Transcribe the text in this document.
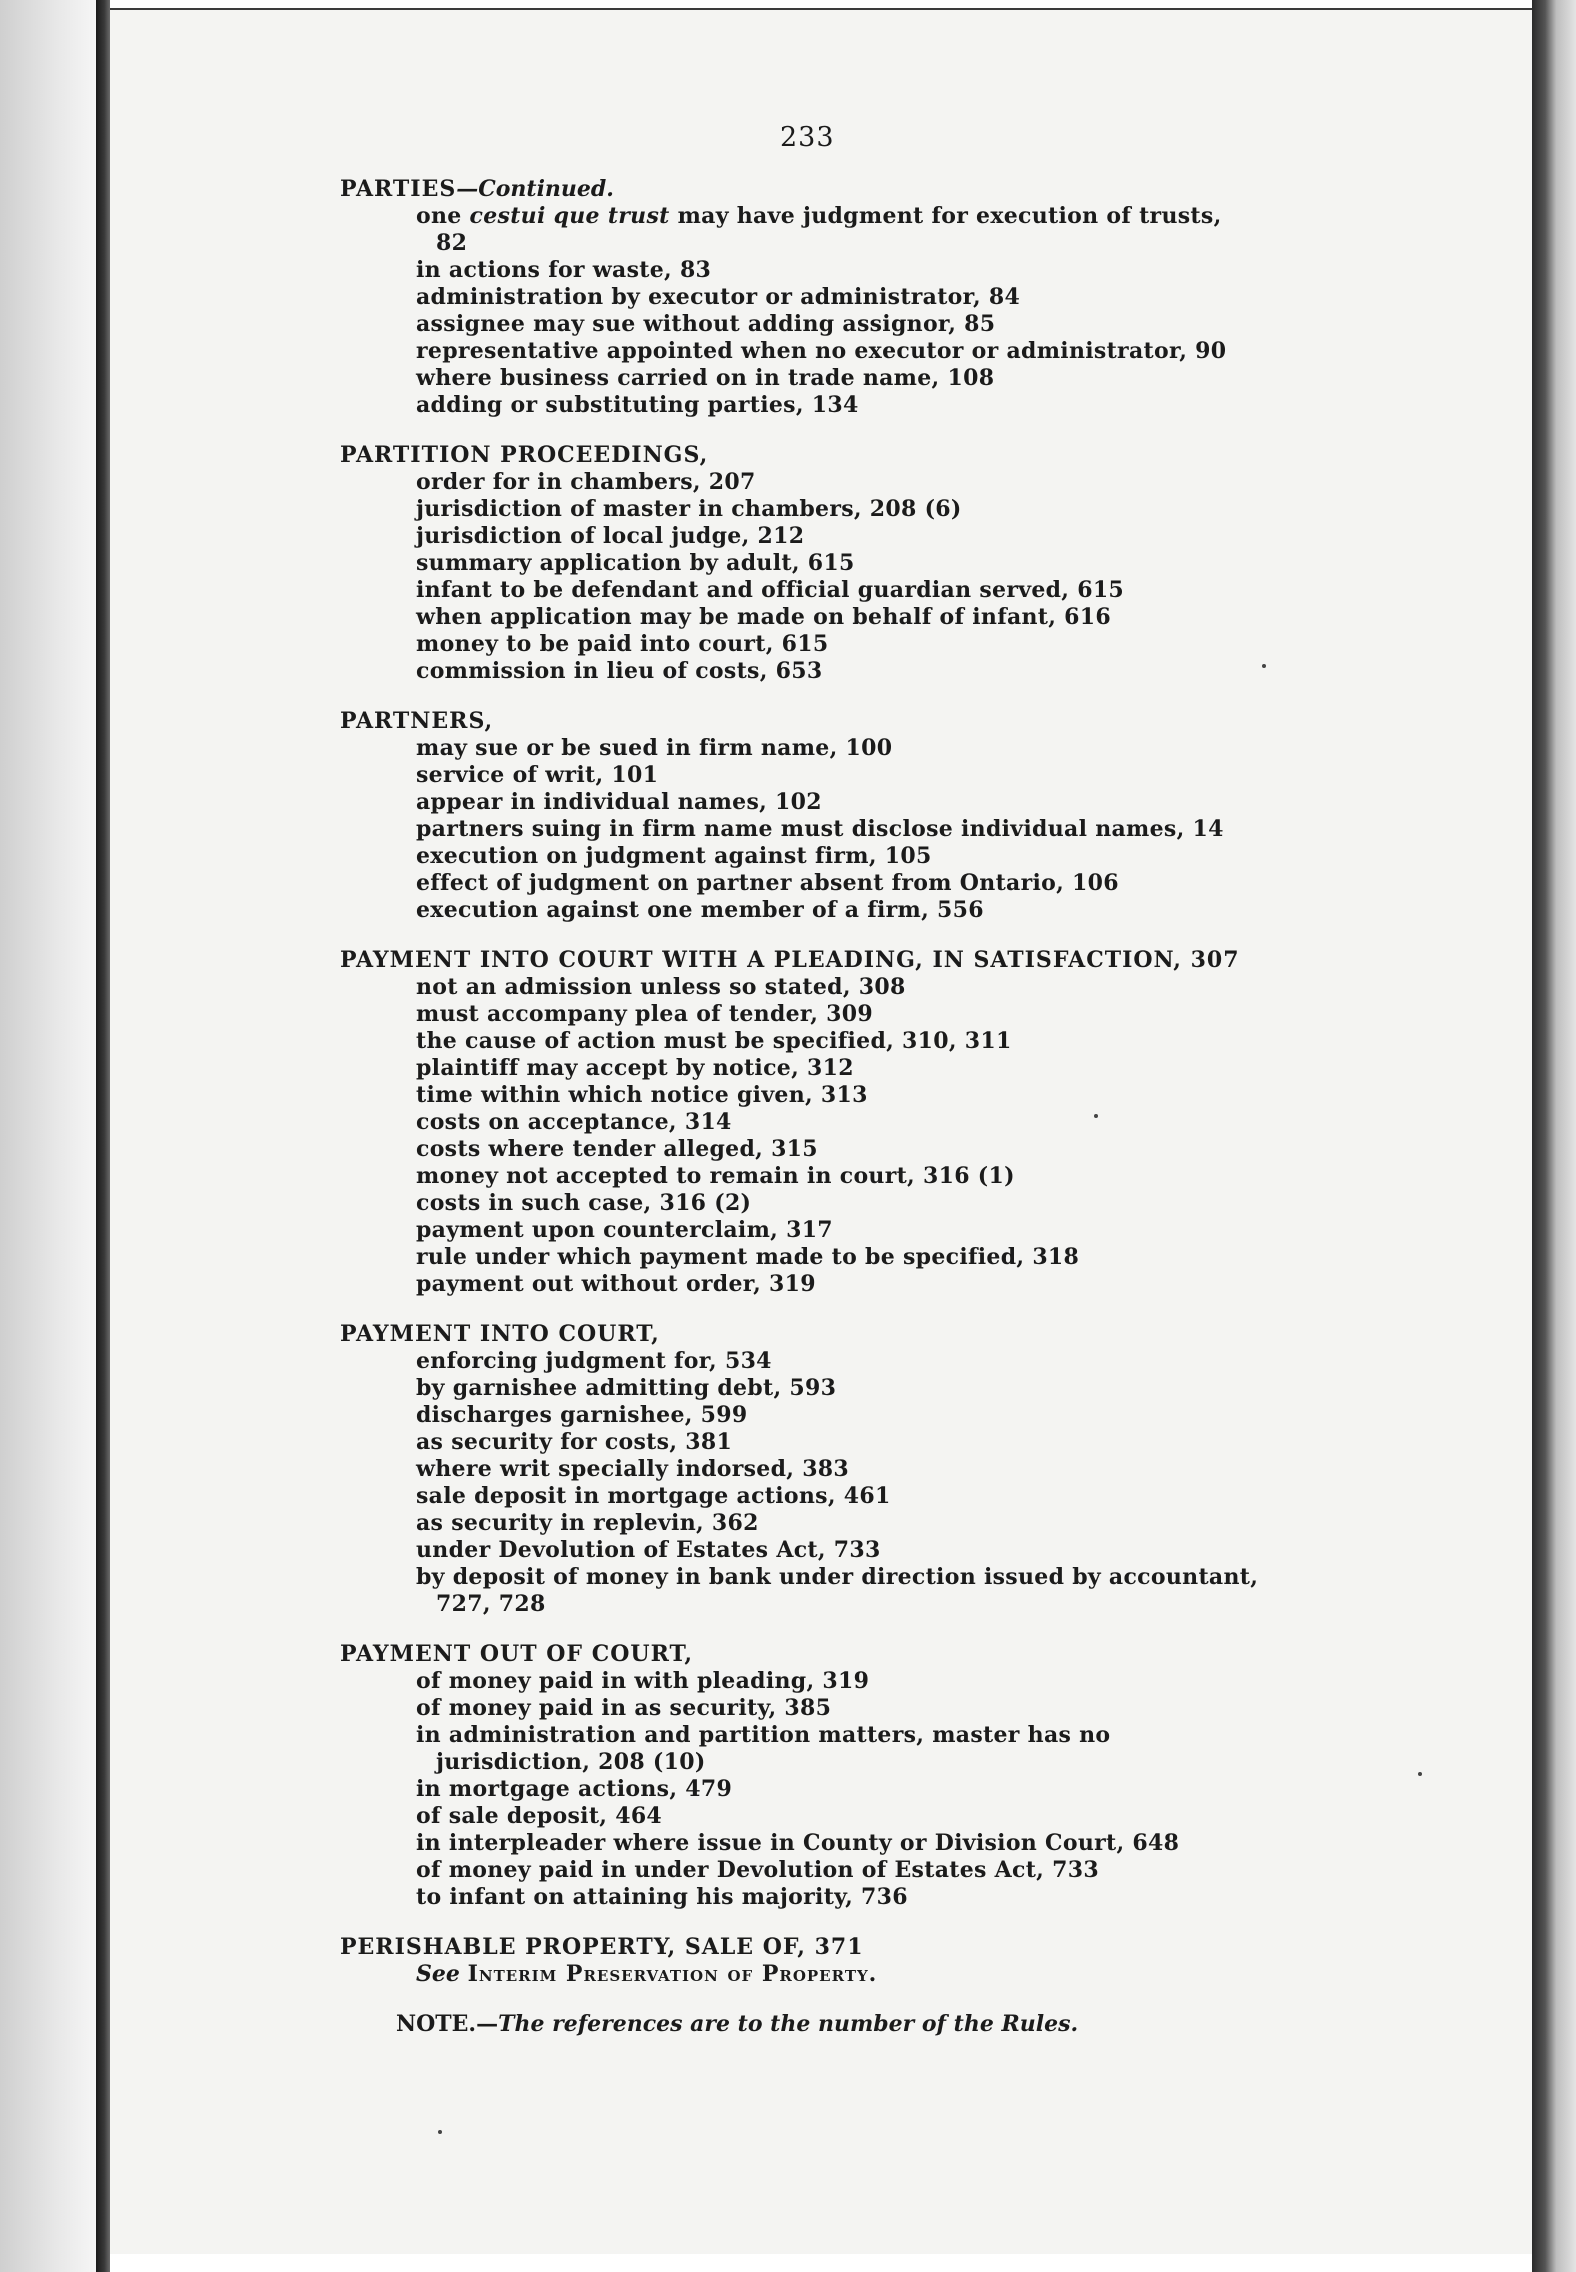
233
PARTIES—Continued.
one cestui que trust may have judgment for execution of trusts, 82
in actions for waste, 83
administration by executor or administrator, 84
assignee may sue without adding assignor, 85
representative appointed when no executor or administrator, 90
where business carried on in trade name, 108
adding or substituting parties, 134
PARTITION PROCEEDINGS,
order for in chambers, 207
jurisdiction of master in chambers, 208 (6)
jurisdiction of local judge, 212
summary application by adult, 615
infant to be defendant and official guardian served, 615
when application may be made on behalf of infant, 616
money to be paid into court, 615
commission in lieu of costs, 653
PARTNERS,
may sue or be sued in firm name, 100
service of writ, 101
appear in individual names, 102
partners suing in firm name must disclose individual names, 14
execution on judgment against firm, 105
effect of judgment on partner absent from Ontario, 106
execution against one member of a firm, 556
PAYMENT INTO COURT WITH A PLEADING, IN SATISFACTION, 307
not an admission unless so stated, 308
must accompany plea of tender, 309
the cause of action must be specified, 310, 311
plaintiff may accept by notice, 312
time within which notice given, 313
costs on acceptance, 314
costs where tender alleged, 315
money not accepted to remain in court, 316 (1)
costs in such case, 316 (2)
payment upon counterclaim, 317
rule under which payment made to be specified, 318
payment out without order, 319
PAYMENT INTO COURT,
enforcing judgment for, 534
by garnishee admitting debt, 593
discharges garnishee, 599
as security for costs, 381
where writ specially indorsed, 383
sale deposit in mortgage actions, 461
as security in replevin, 362
under Devolution of Estates Act, 733
by deposit of money in bank under direction issued by accountant, 727, 728
PAYMENT OUT OF COURT,
of money paid in with pleading, 319
of money paid in as security, 385
in administration and partition matters, master has no jurisdiction, 208 (10)
in mortgage actions, 479
of sale deposit, 464
in interpleader where issue in County or Division Court, 648
of money paid in under Devolution of Estates Act, 733
to infant on attaining his majority, 736
PERISHABLE PROPERTY, SALE OF, 371
See Interim Preservation of Property.
NOTE.—The references are to the number of the Rules.
